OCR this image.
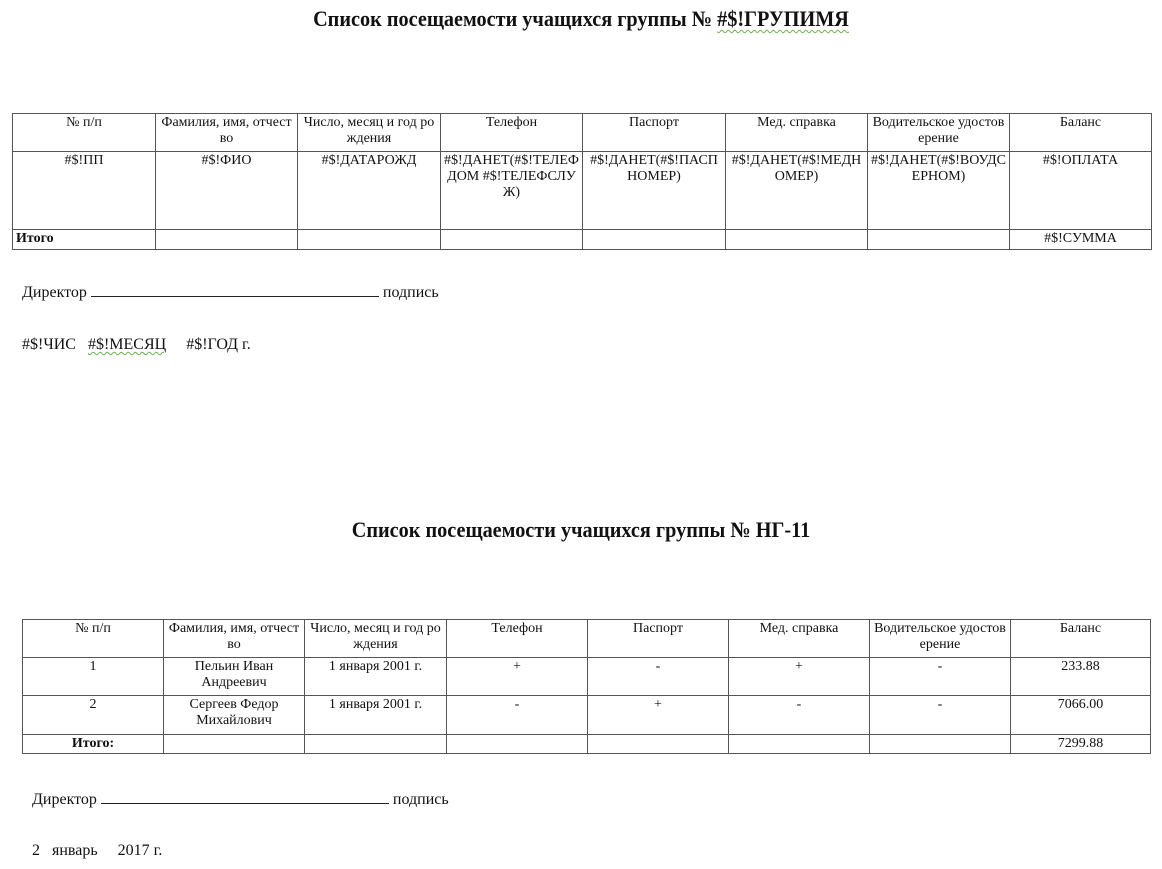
Список посещаемости учащихся группы № #$!ГРУПИМЯ
№ п/п	Фамилия, имя, отчество	Число, месяц и год рождения	Телефон	Паспорт	Мед. справка	Водительское удостоверение	Баланс
#$!ПП	#$!ФИО	#$!ДАТАРОЖД	#$!ДАНЕТ(#$!ТЕЛЕФДОМ #$!ТЕЛЕФСЛУЖ)	#$!ДАНЕТ(#$!ПАСПНОМЕР)	#$!ДАНЕТ(#$!МЕДНОМЕР)	#$!ДАНЕТ(#$!ВОУДСЕРНОМ)	#$!ОПЛАТА
Итого							#$!СУММА
Директор	подпись
#$!ЧИС #$!МЕСЯЦ #$!ГОД г.
Список посещаемости учащихся группы № НГ-11
№ п/п	Фамилия, имя, отчество	Число, месяц и год рождения	Телефон	Паспорт	Мед. справка	Водительское удостоверение	Баланс
1	Пельин Иван Андреевич	1 января 2001 г.	+	-	+	-	233.88
2	Сергеев Федор Михайлович	1 января 2001 г.	-	+	-	-	7066.00
Итого:							7299.88
Директор	подпись
2 январь 2017 г.
